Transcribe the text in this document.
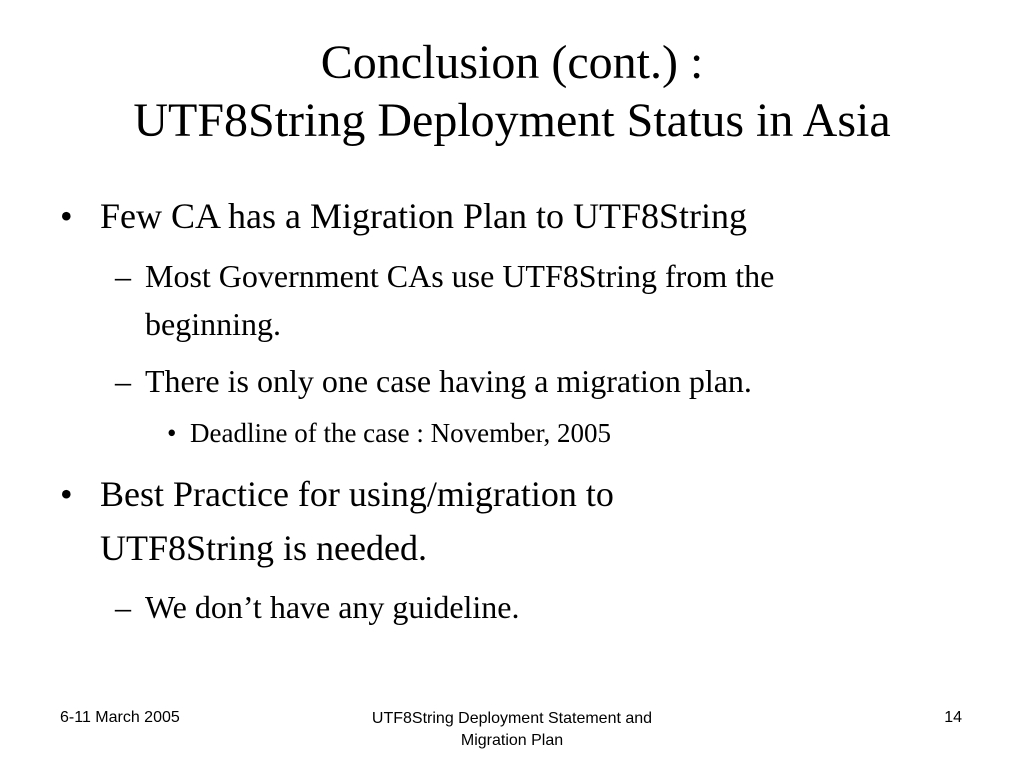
Conclusion (cont.) :
UTF8String Deployment Status in Asia
• Few CA has a Migration Plan to UTF8String
– Most Government CAs use UTF8String from the
beginning.
– There is only one case having a migration plan.
• Deadline of the case : November, 2005
• Best Practice for using/migration to
UTF8String is needed.
– We don’t have any guideline.
6-11 March 2005	UTF8String Deployment Statement and
Migration Plan
14
